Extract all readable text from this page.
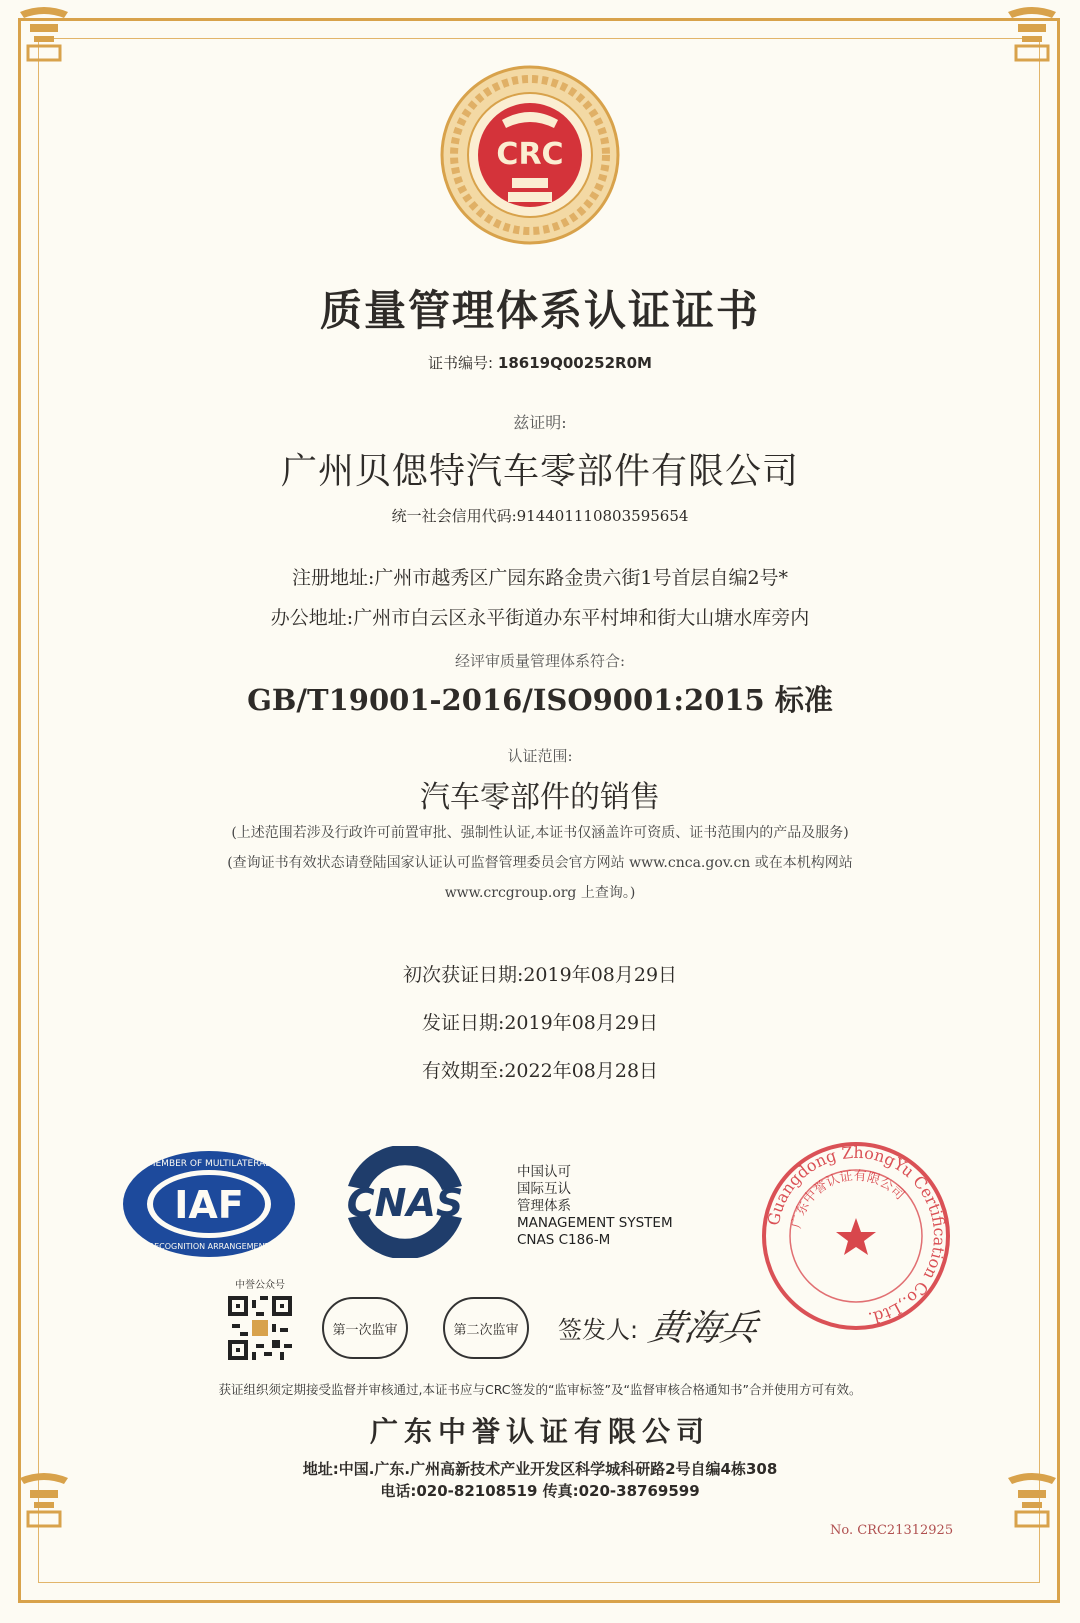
CRC
质量管理体系认证证书
证书编号: 18619Q00252R0M
兹证明:
广州贝偲特汽车零部件有限公司
统一社会信用代码:9144011108035956​54
注册地址:广州市越秀区广园东路金贵六街1号首层自编2号*
办公地址:广州市白云区永平街道办东平村坤和街大山塘水库旁内
经评审质量管理体系符合:
GB/T19001-2016/ISO9001:2015 标准
认证范围:
汽车零部件的销售
(上述范围若涉及行政许可前置审批、强制性认证,本证书仅涵盖许可资质、证书范围内的产品及服务)
(查询证书有效状态请登陆国家认证认可监督管理委员会官方网站 www.cnca.gov.cn 或在本机构网站
www.crcgroup.org 上查询。)
初次获证日期:2019年08月29日
发证日期:2019年08月29日
有效期至:2022年08月28日
IAF
MEMBER OF MULTILATERAL
RECOGNITION ARRANGEMENT
CNAS
中国认可
国际互认
管理体系
MANAGEMENT SYSTEM
CNAS C186-M
Guangdong ZhongYu Certification Co.,Ltd.
广东中誉认证有限公司
中誉公众号
第一次监审	第二次监审 签发人: 黄海兵
获证组织须定期接受监督并审核通过,本证书应与CRC签发的“监审标签”及“监督审核合格通知书”合并使用方可有效。
广东中誉认证有限公司
地址:中国.广东.广州高新技术产业开发区科学城科研路2号自编4栋308
电话:020-82108519 传真:020-38769599
No. CRC21312925
